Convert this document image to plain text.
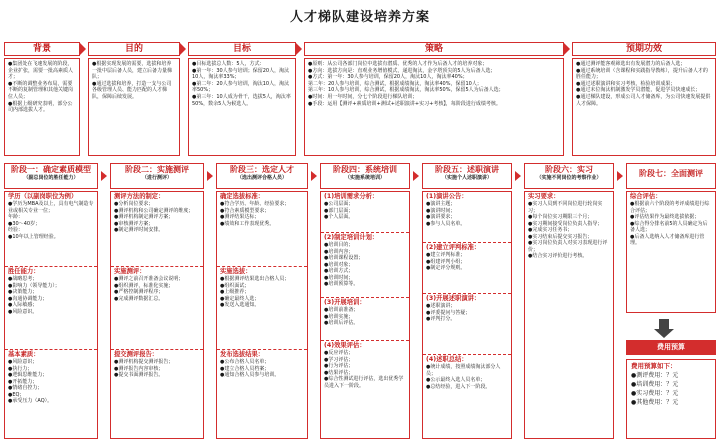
人才梯队建设培养方案
背景	目的	目标	策略	预期功效
●集团处在飞速发展的阶段，企业扩张，需要一批高素质人才；
●不断的调整业务布局，需要不断的复制管理和其他关键岗位人员；
●根据上级研究表明，部分公司内部选拔人才。
●根据实现发展的需要，选拔和培养一批中层后备人员，建立后备力量梯队；
●通过选拔和培养，打造一支与公司各级管理人员、能力匹配的人才梯队，保障后续发展。
●目标选拔总人数：5人，方式：
●第一年：30人参与培训；保留20人，淘汰10人，淘汰率33%；
●第二年：20人参与培训，淘汰10人，淘汰率50%；
●第三年：10人成为骨干，选拔5人，淘汰率50%，数余5人为候选人。
●原则：从公司各部门岗位中选拔有潜质、优秀的人才作为后备人才的培养对象；
●方向：选拔方向是：直观业务增值模式，递进淘汰，金字塔顶尖的5人为后备人选；
●方式：第一年：30人参与培训，保留20人，淘汰10人，淘汰率40%；
第二年：20人参与培训，综合测试，根据成绩淘汰，淘汰率40%，保留10人；
第三年：10人参与培训，综合测试，根据成绩淘汰，淘汰率50%，保留5人为后备人选；
●时间：用一年时间，分七个阶段进行梯队培训；
●手段：运用【测评+素质培训+测试+述职演讲+实习+考核】，每阶段进行成绩考核。
●通过测评能客观筛选出有发展潜力的后备人选；
●通过系统培训（含课程和实践指导教练），提升后备人才的胜任能力；
●通过述职演讲和实习考核，检验培训成果；
●通过末位淘汰机制激发学员潜能，促进学员快速成长；
●通过梯队建设，形成公司人才储备库，为公司快速发展提供人才保障。
阶段一：确定素质模型
（副总岗位的胜任能力）
阶段二：实施测评
（进行测评）
阶段三：选定人才
（选出测评合格人员）
阶段四：系统培训
（实施系统培训）
阶段五：述职演讲
（实施个人述职演讲）
阶段六：实习
（实施不同岗位的考察作业）	阶段七：全面测评
学历（以副岗职位为例）
●学历为MBA及以上，具有电气制造专业或相关专业一位；
年龄：
●30～40岁；
经验：
●10年以上管理经验。
胜任能力：
●战略思考；
●影响力（领导能力）；
●决策能力；
●沟通协调能力；
●人际敏感；
●风险意识。
基本素质：
●风险意识；
●执行力；
●逻辑思维能力；
●开拓能力；
●情绪自控力；
●EQ；
●承受压力（AQ）。
测评方法的制定：
●分析岗位要求；
●测评机构和公司确定测评的维度；
●测评机构制定测评方案；
●审核测评方案；
●制定测评时间安排。
实施测评：
●测评之前召开准备会议说明；
●组织测评，标准化实施；
●严格控制测评程序；
●完成测评数据汇总。
提交测评报告：
●测评机构提交测评报告；
●测评报告内容审核；
●提交书面测评报告。
确定选拔标准：
●符合学历、年龄、经验要求；
●符合素质模型要求；
●测评结果达标；
●绩效和工作表现优秀。
实施选拔：
●根据测评结果选出合格人员；
●组织面试；
●上级推荐；
●确定最终人选；
●发送入选通知。
发布选拔结果：
●公布合格人员名单；
●建立合格人员档案；
●通知合格人员参与培训。
(1)培训需求分析：
●公司层面；
●部门层面；
●个人层面。
(2)制定培训计划：
●培训目的；
●培训内容；
●培训课程设置；
●培训对象；
●培训方式；
●培训时间；
●培训预算等。
(3)开展培训：
●培训前准备；
●培训实施；
●培训后评估。
(4)效果评估：
●反应评估；
●学习评估；
●行为评估；
●结果评估；
●综合性测试进行评估，选出优秀学员进入下一阶段。
(1)演讲公告：
●演讲主题；
●演讲时间；
●演讲要求；
●参与人员名单。
(2)建立评判标准：
●建立评判标准；
●组建评判小组；
●制定评分规则。
(3)开展述职演讲：
●述职演讲；
●评委提问与答疑；
●评判打分。
(4)述职总结：
●统计成绩，按照成绩淘汰部分人员；
●公示最终入选人员名单；
●总结经验，进入下一阶段。
实习要求：
●实习人员到不同岗位进行轮岗实习；
●每个岗位实习期限三个月；
●实习期间接受岗位负责人指导；
●完成实习任务书；
●实习结束后提交实习报告；
●实习岗位负责人对实习表现进行评价；
●结合实习评价进行考核。
综合评估：
●根据前六个阶段的考评成绩进行综合评估；
●评估结果作为最终选拔依据；
●综合得分排名前5的人员确定为后备人选；
●后备人选纳入人才储备库进行管理。
费用预算
费用预算如下：
●测评费用：？元
●培训费用：？元
●实习费用：？元
●其他费用：？元
